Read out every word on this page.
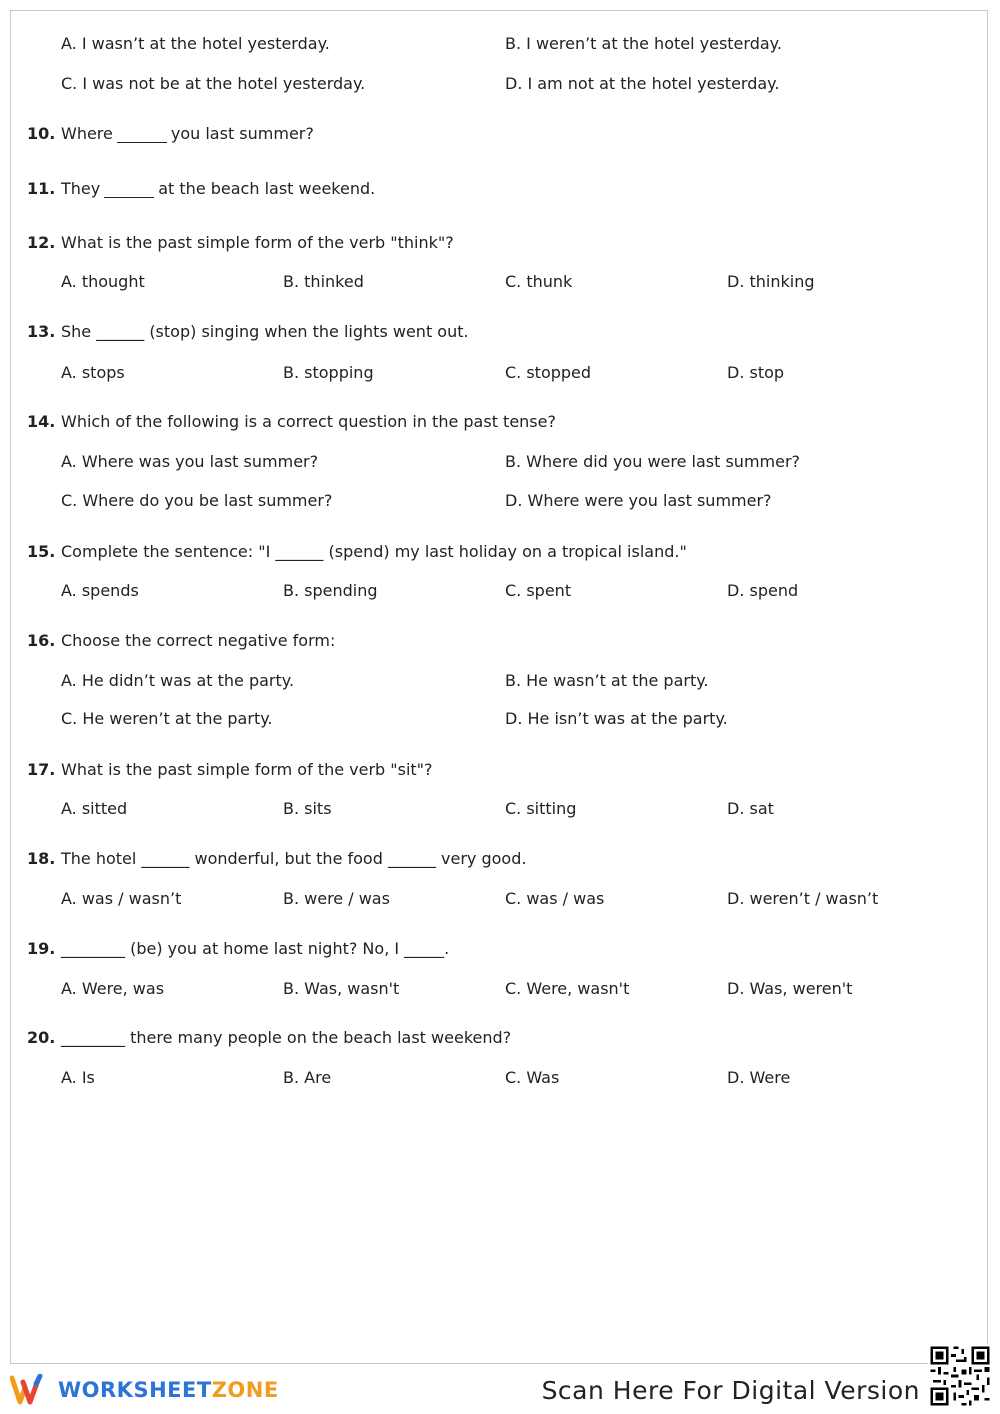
A. I wasn’t at the hotel yesterday.	B. I weren’t at the hotel yesterday.
C. I was not be at the hotel yesterday.	D. I am not at the hotel yesterday.
10. Where	you last summer?
11. They	at the beach last weekend.
12. What is the past simple form of the verb "think"?
A. thought	B. thinked	C. thunk	D. thinking
13. She ______ (stop) singing when the lights went out.
A. stops	B. stopping	C. stopped	D. stop
14. Which of the following is a correct question in the past tense?
A. Where was you last summer?	B. Where did you were last summer?
C. Where do you be last summer?	D. Where were you last summer?
15. Complete the sentence: "I ______ (spend) my last holiday on a tropical island."
A. spends	B. spending	C. spent	D. spend
16. Choose the correct negative form:
A. He didn’t was at the party.	B. He wasn’t at the party.
C. He weren’t at the party.	D. He isn’t was at the party.
17. What is the past simple form of the verb "sit"?
A. sitted	B. sits	C. sitting	D. sat
18. The hotel ______ wonderful, but the food ______ very good.
A. was / wasn’t	B. were / was	C. was / was	D. weren’t / wasn’t
19. ________ (be) you at home last night? No, I _____.
A. Were, was	B. Was, wasn't	C. Were, wasn't	D. Was, weren't
20. ________ there many people on the beach last weekend?
A. Is	B. Are	C. Was	D. Were
WORKSHEETZONE	Scan Here For Digital Version
